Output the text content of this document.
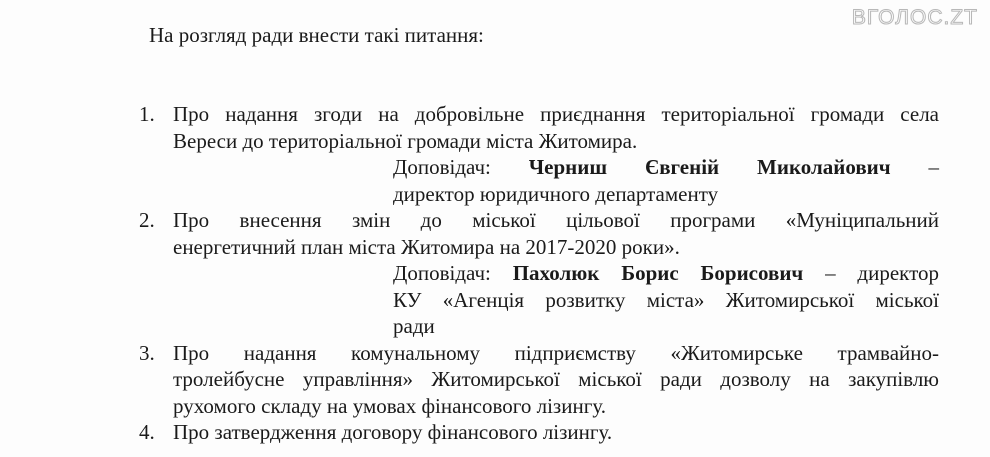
ВГОЛОС.ZT
На розгляд ради внести такі питання:
1. Про надання згоди на добровільне приєднання територіальної громади села
Вереси до територіальної громади міста Житомира.
Доповідач: Черниш Євгеній Миколайович –
директор юридичного департаменту
2. Про внесення змін до міської цільової програми «Муніципальний
енергетичний план міста Житомира на 2017-2020 роки».
Доповідач: Пахолюк Борис Борисович – директор
КУ «Агенція розвитку міста» Житомирської міської
ради
3. Про надання комунальному підприємству «Житомирське трамвайно-
тролейбусне управління» Житомирської міської ради дозволу на закупівлю
рухомого складу на умовах фінансового лізингу.
4. Про затвердження договору фінансового лізингу.
